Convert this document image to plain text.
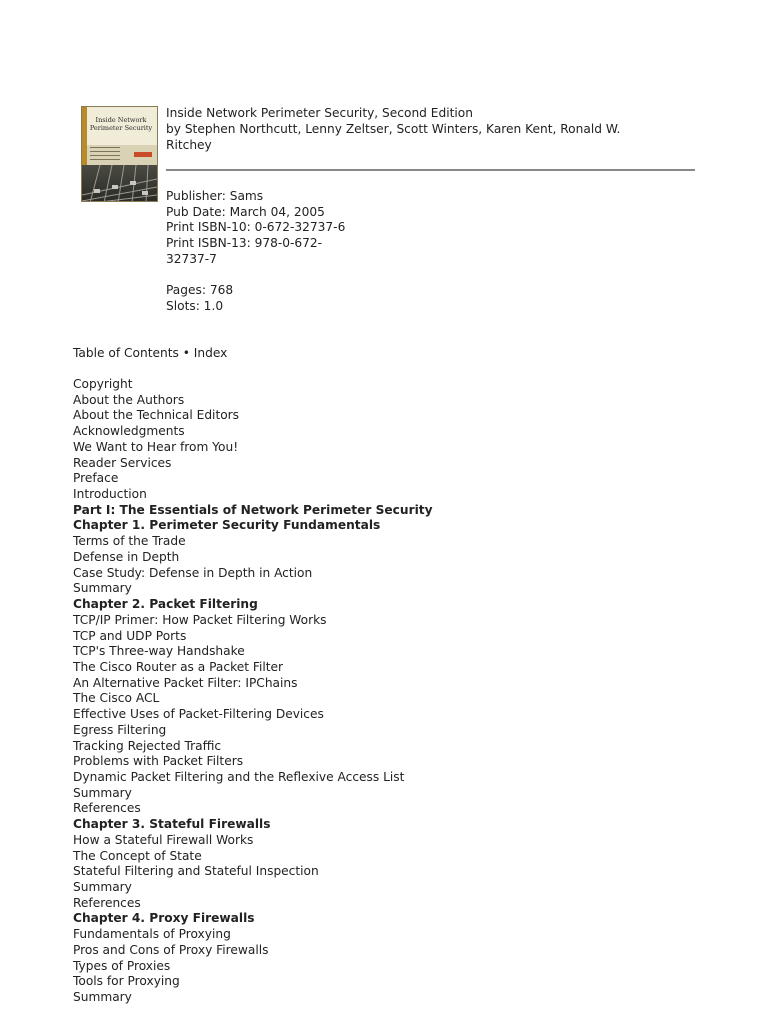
Inside Network
Perimeter Security
Inside Network Perimeter Security, Second Edition
by Stephen Northcutt, Lenny Zeltser, Scott Winters, Karen Kent, Ronald W.
Ritchey
Publisher: Sams
Pub Date: March 04, 2005
Print ISBN-10: 0-672-32737-6
Print ISBN-13: 978-0-672-
32737-7
Pages: 768
Slots: 1.0
Table of Contents • Index
Copyright
About the Authors
About the Technical Editors
Acknowledgments
We Want to Hear from You!
Reader Services
Preface
Introduction
Part I: The Essentials of Network Perimeter Security
Chapter 1. Perimeter Security Fundamentals
Terms of the Trade
Defense in Depth
Case Study: Defense in Depth in Action
Summary
Chapter 2. Packet Filtering
TCP/IP Primer: How Packet Filtering Works
TCP and UDP Ports
TCP's Three-way Handshake
The Cisco Router as a Packet Filter
An Alternative Packet Filter: IPChains
The Cisco ACL
Effective Uses of Packet-Filtering Devices
Egress Filtering
Tracking Rejected Traffic
Problems with Packet Filters
Dynamic Packet Filtering and the Reflexive Access List
Summary
References
Chapter 3. Stateful Firewalls
How a Stateful Firewall Works
The Concept of State
Stateful Filtering and Stateful Inspection
Summary
References
Chapter 4. Proxy Firewalls
Fundamentals of Proxying
Pros and Cons of Proxy Firewalls
Types of Proxies
Tools for Proxying
Summary
